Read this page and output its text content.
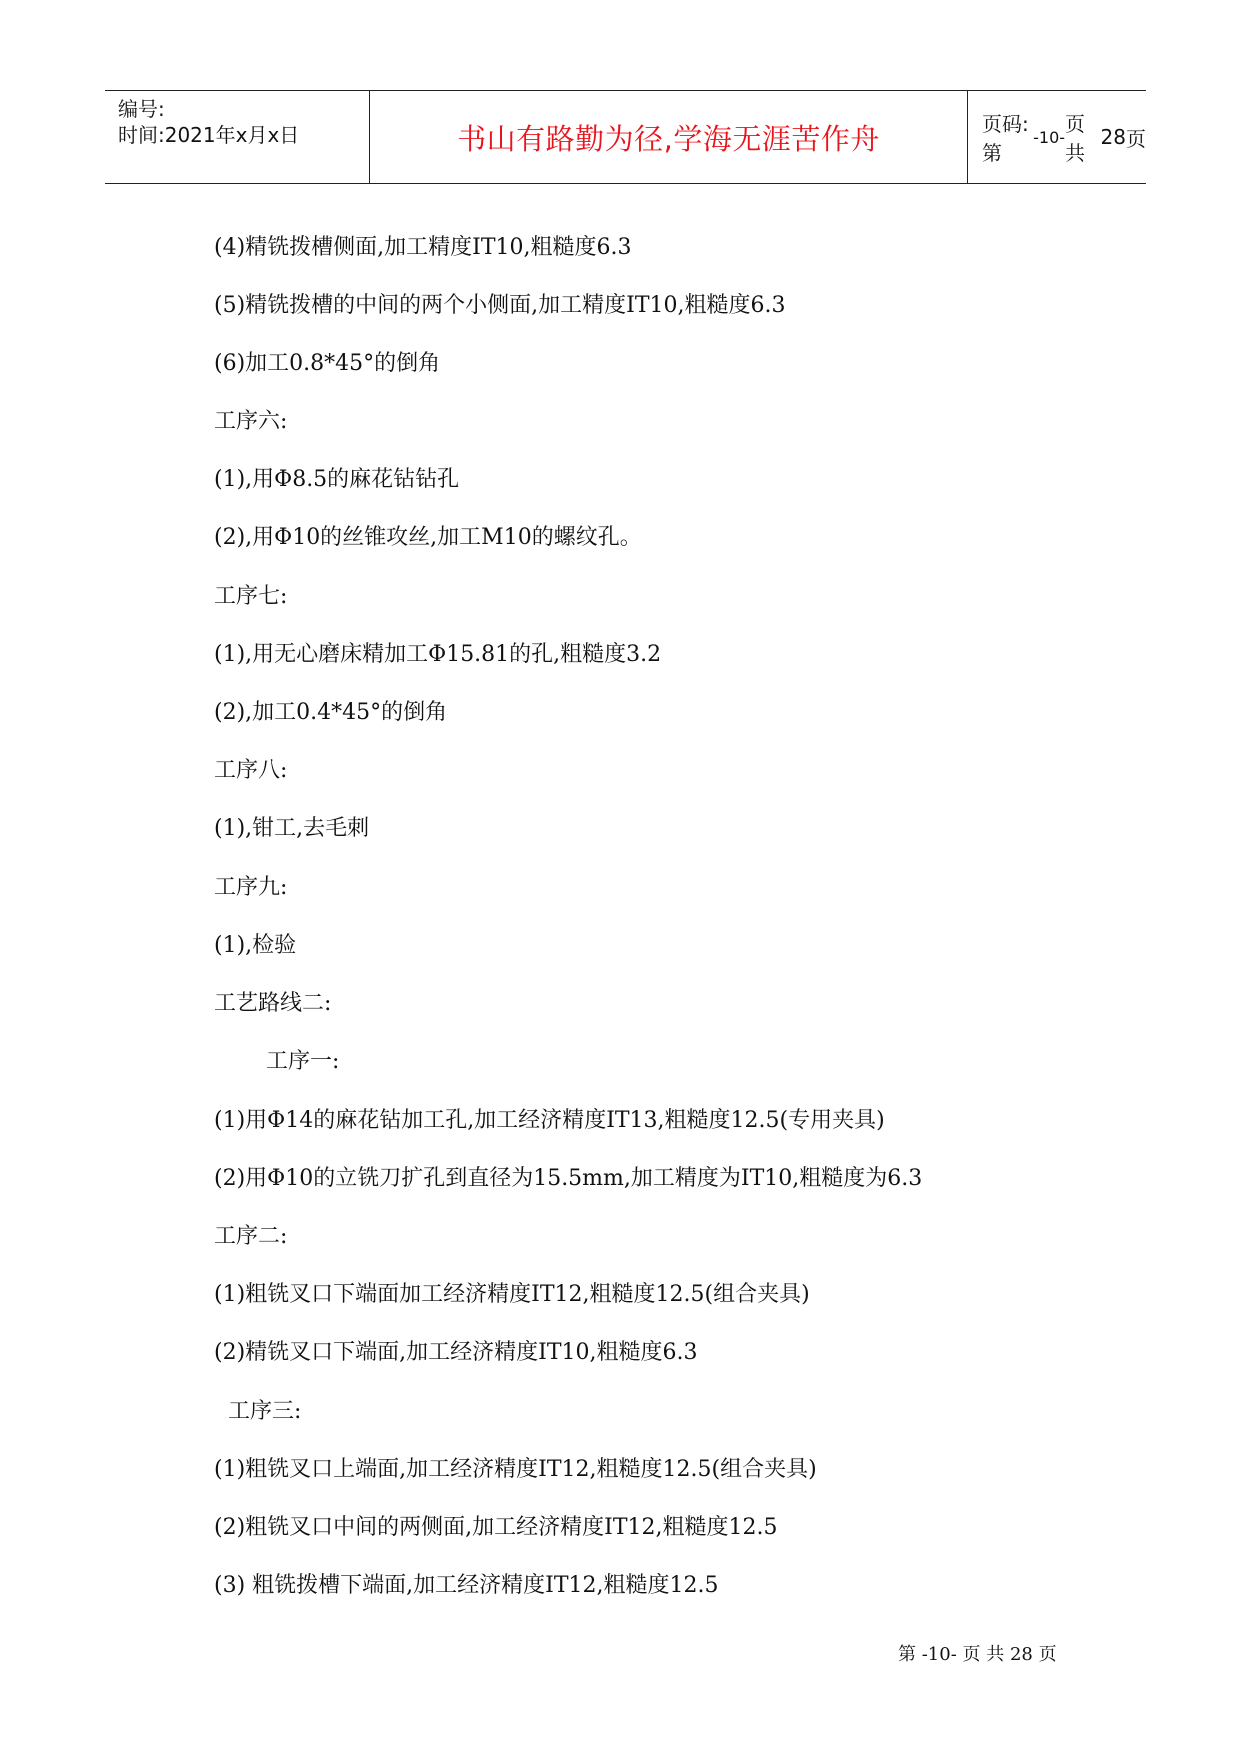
编号:
时间:2021年x月x日	书山有路勤为径,学海无涯苦作舟	页码:第
-10-
页 共
28 页
(4)精铣拨槽侧面,加工精度IT10,粗糙度6.3
(5)精铣拨槽的中间的两个小侧面,加工精度IT10,粗糙度6.3
(6)加工0.8*45°的倒角
工序六:
(1),用Φ8.5的麻花钻钻孔
(2),用Φ10的丝锥攻丝,加工M10的螺纹孔。
工序七:
(1),用无心磨床精加工Φ15.81的孔,粗糙度3.2
(2),加工0.4*45°的倒角
工序八:
(1),钳工,去毛刺
工序九:
(1),检验
工艺路线二:
工序一:
(1)用Φ14的麻花钻加工孔,加工经济精度IT13,粗糙度12.5(专用夹具)
(2)用Φ10的立铣刀扩孔到直径为15.5mm,加工精度为IT10,粗糙度为6.3
工序二:
(1)粗铣叉口下端面加工经济精度IT12,粗糙度12.5(组合夹具)
(2)精铣叉口下端面,加工经济精度IT10,粗糙度6.3
工序三:
(1)粗铣叉口上端面,加工经济精度IT12,粗糙度12.5(组合夹具)
(2)粗铣叉口中间的两侧面,加工经济精度IT12,粗糙度12.5
(3) 粗铣拨槽下端面,加工经济精度IT12,粗糙度12.5
第 -10- 页 共 28 页
